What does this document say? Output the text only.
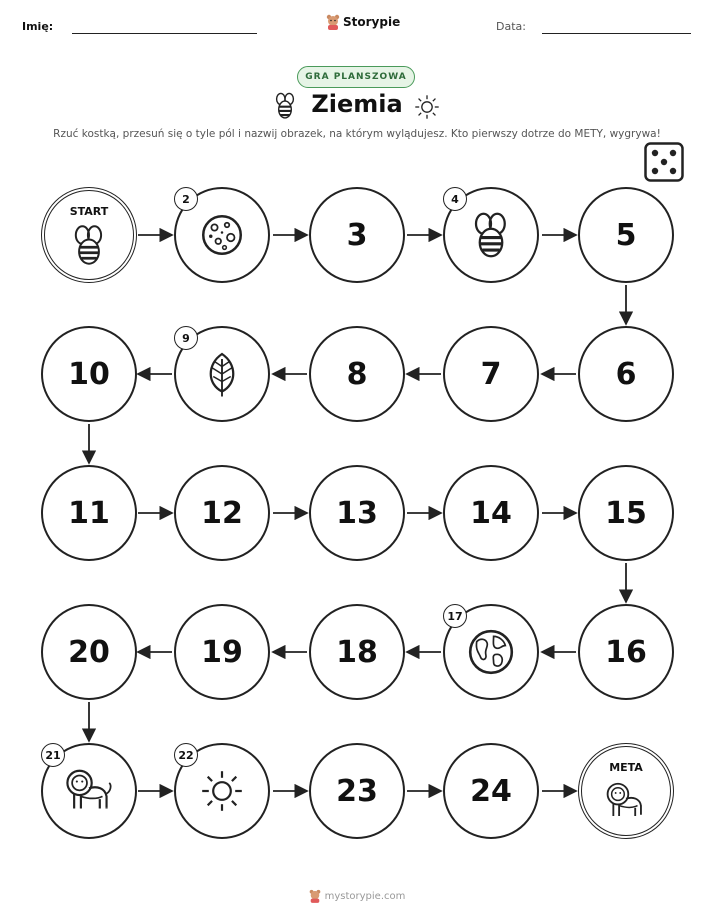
Imię:	Storypie	Data:
GRA PLANSZOWA
Ziemia
Rzuć kostką, przesuń się o tyle pól i nazwij obrazek, na którym wylądujesz. Kto pierwszy dotrze do METY, wygrywa!
START
2
3
4
5
6
7
8
9
10
11	12	13	14	15
16
17
18
19
20
21	22
23	24
META
mystorypie.com
